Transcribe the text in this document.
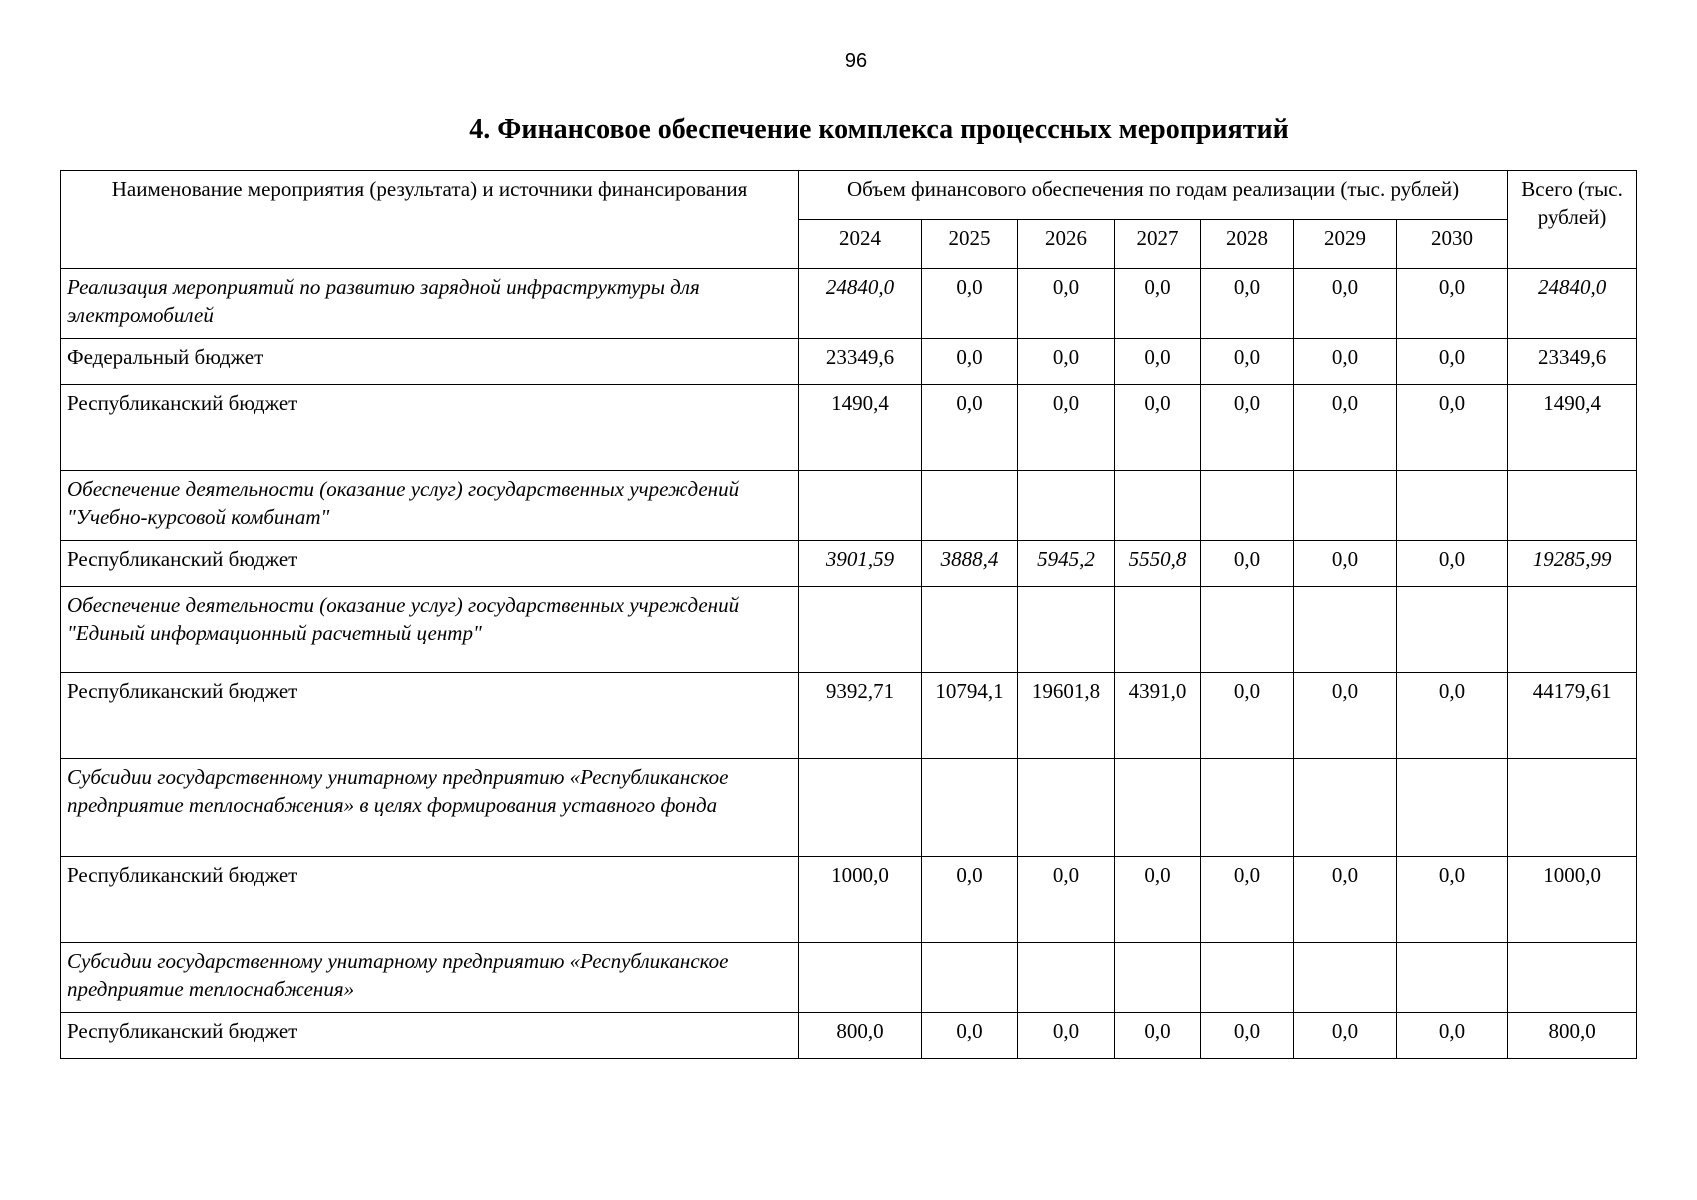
96
4. Финансовое обеспечение комплекса процессных мероприятий
Наименование мероприятия (результата) и источники финансирования	Объем финансового обеспечения по годам реализации (тыс. рублей)							Всего (тыс. рублей)
	2024	2025	2026	2027	2028	2029	2030	
Реализация мероприятий по развитию зарядной инфраструктуры для электромобилей	24840,0	0,0	0,0	0,0	0,0	0,0	0,0	24840,0
Федеральный бюджет	23349,6	0,0	0,0	0,0	0,0	0,0	0,0	23349,6
Республиканский бюджет	1490,4	0,0	0,0	0,0	0,0	0,0	0,0	1490,4
Обеспечение деятельности (оказание услуг) государственных учреждений "Учебно-курсовой комбинат"								
Республиканский бюджет	3901,59	3888,4	5945,2	5550,8	0,0	0,0	0,0	19285,99
Обеспечение деятельности (оказание услуг) государственных учреждений "Единый информационный расчетный центр"								
Республиканский бюджет	9392,71	10794,1	19601,8	4391,0	0,0	0,0	0,0	44179,61
Субсидии государственному унитарному предприятию «Республиканское предприятие теплоснабжения» в целях формирования уставного фонда								
Республиканский бюджет	1000,0	0,0	0,0	0,0	0,0	0,0	0,0	1000,0
Субсидии государственному унитарному предприятию «Республиканское предприятие теплоснабжения»								
Республиканский бюджет	800,0	0,0	0,0	0,0	0,0	0,0	0,0	800,0
